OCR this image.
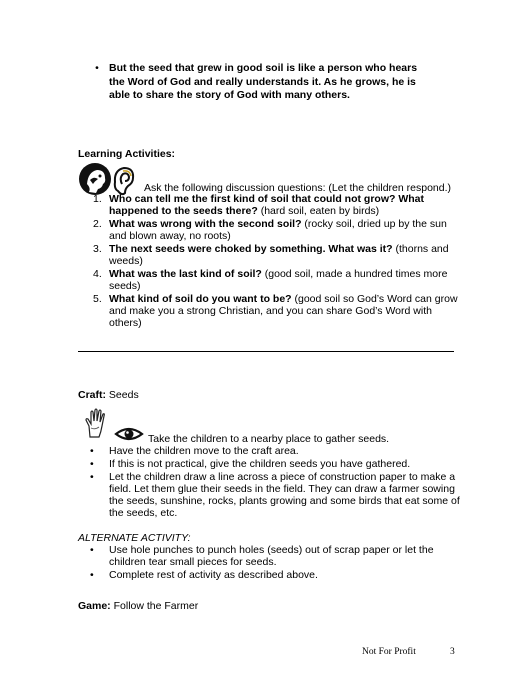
• But the seed that grew in good soil is like a person who hears the Word of God and really understands it. As he grows, he is able to share the story of God with many others.
Learning Activities:
Ask the following discussion questions: (Let the children respond.)
1. Who can tell me the first kind of soil that could not grow? What happened to the seeds there? (hard soil, eaten by birds)
2. What was wrong with the second soil? (rocky soil, dried up by the sun and blown away, no roots)
3. The next seeds were choked by something. What was it? (thorns and weeds)
4. What was the last kind of soil? (good soil, made a hundred times more seeds)
5. What kind of soil do you want to be? (good soil so God’s Word can grow and make you a strong Christian, and you can share God’s Word with others)
Craft: Seeds
Take the children to a nearby place to gather seeds.
• Have the children move to the craft area.
• If this is not practical, give the children seeds you have gathered.
• Let the children draw a line across a piece of construction paper to make a field. Let them glue their seeds in the field. They can draw a farmer sowing the seeds, sunshine, rocks, plants growing and some birds that eat some of the seeds, etc.
ALTERNATE ACTIVITY:
• Use hole punches to punch holes (seeds) out of scrap paper or let the children tear small pieces for seeds.
• Complete rest of activity as described above.
Game: Follow the Farmer
Not For Profit	3
